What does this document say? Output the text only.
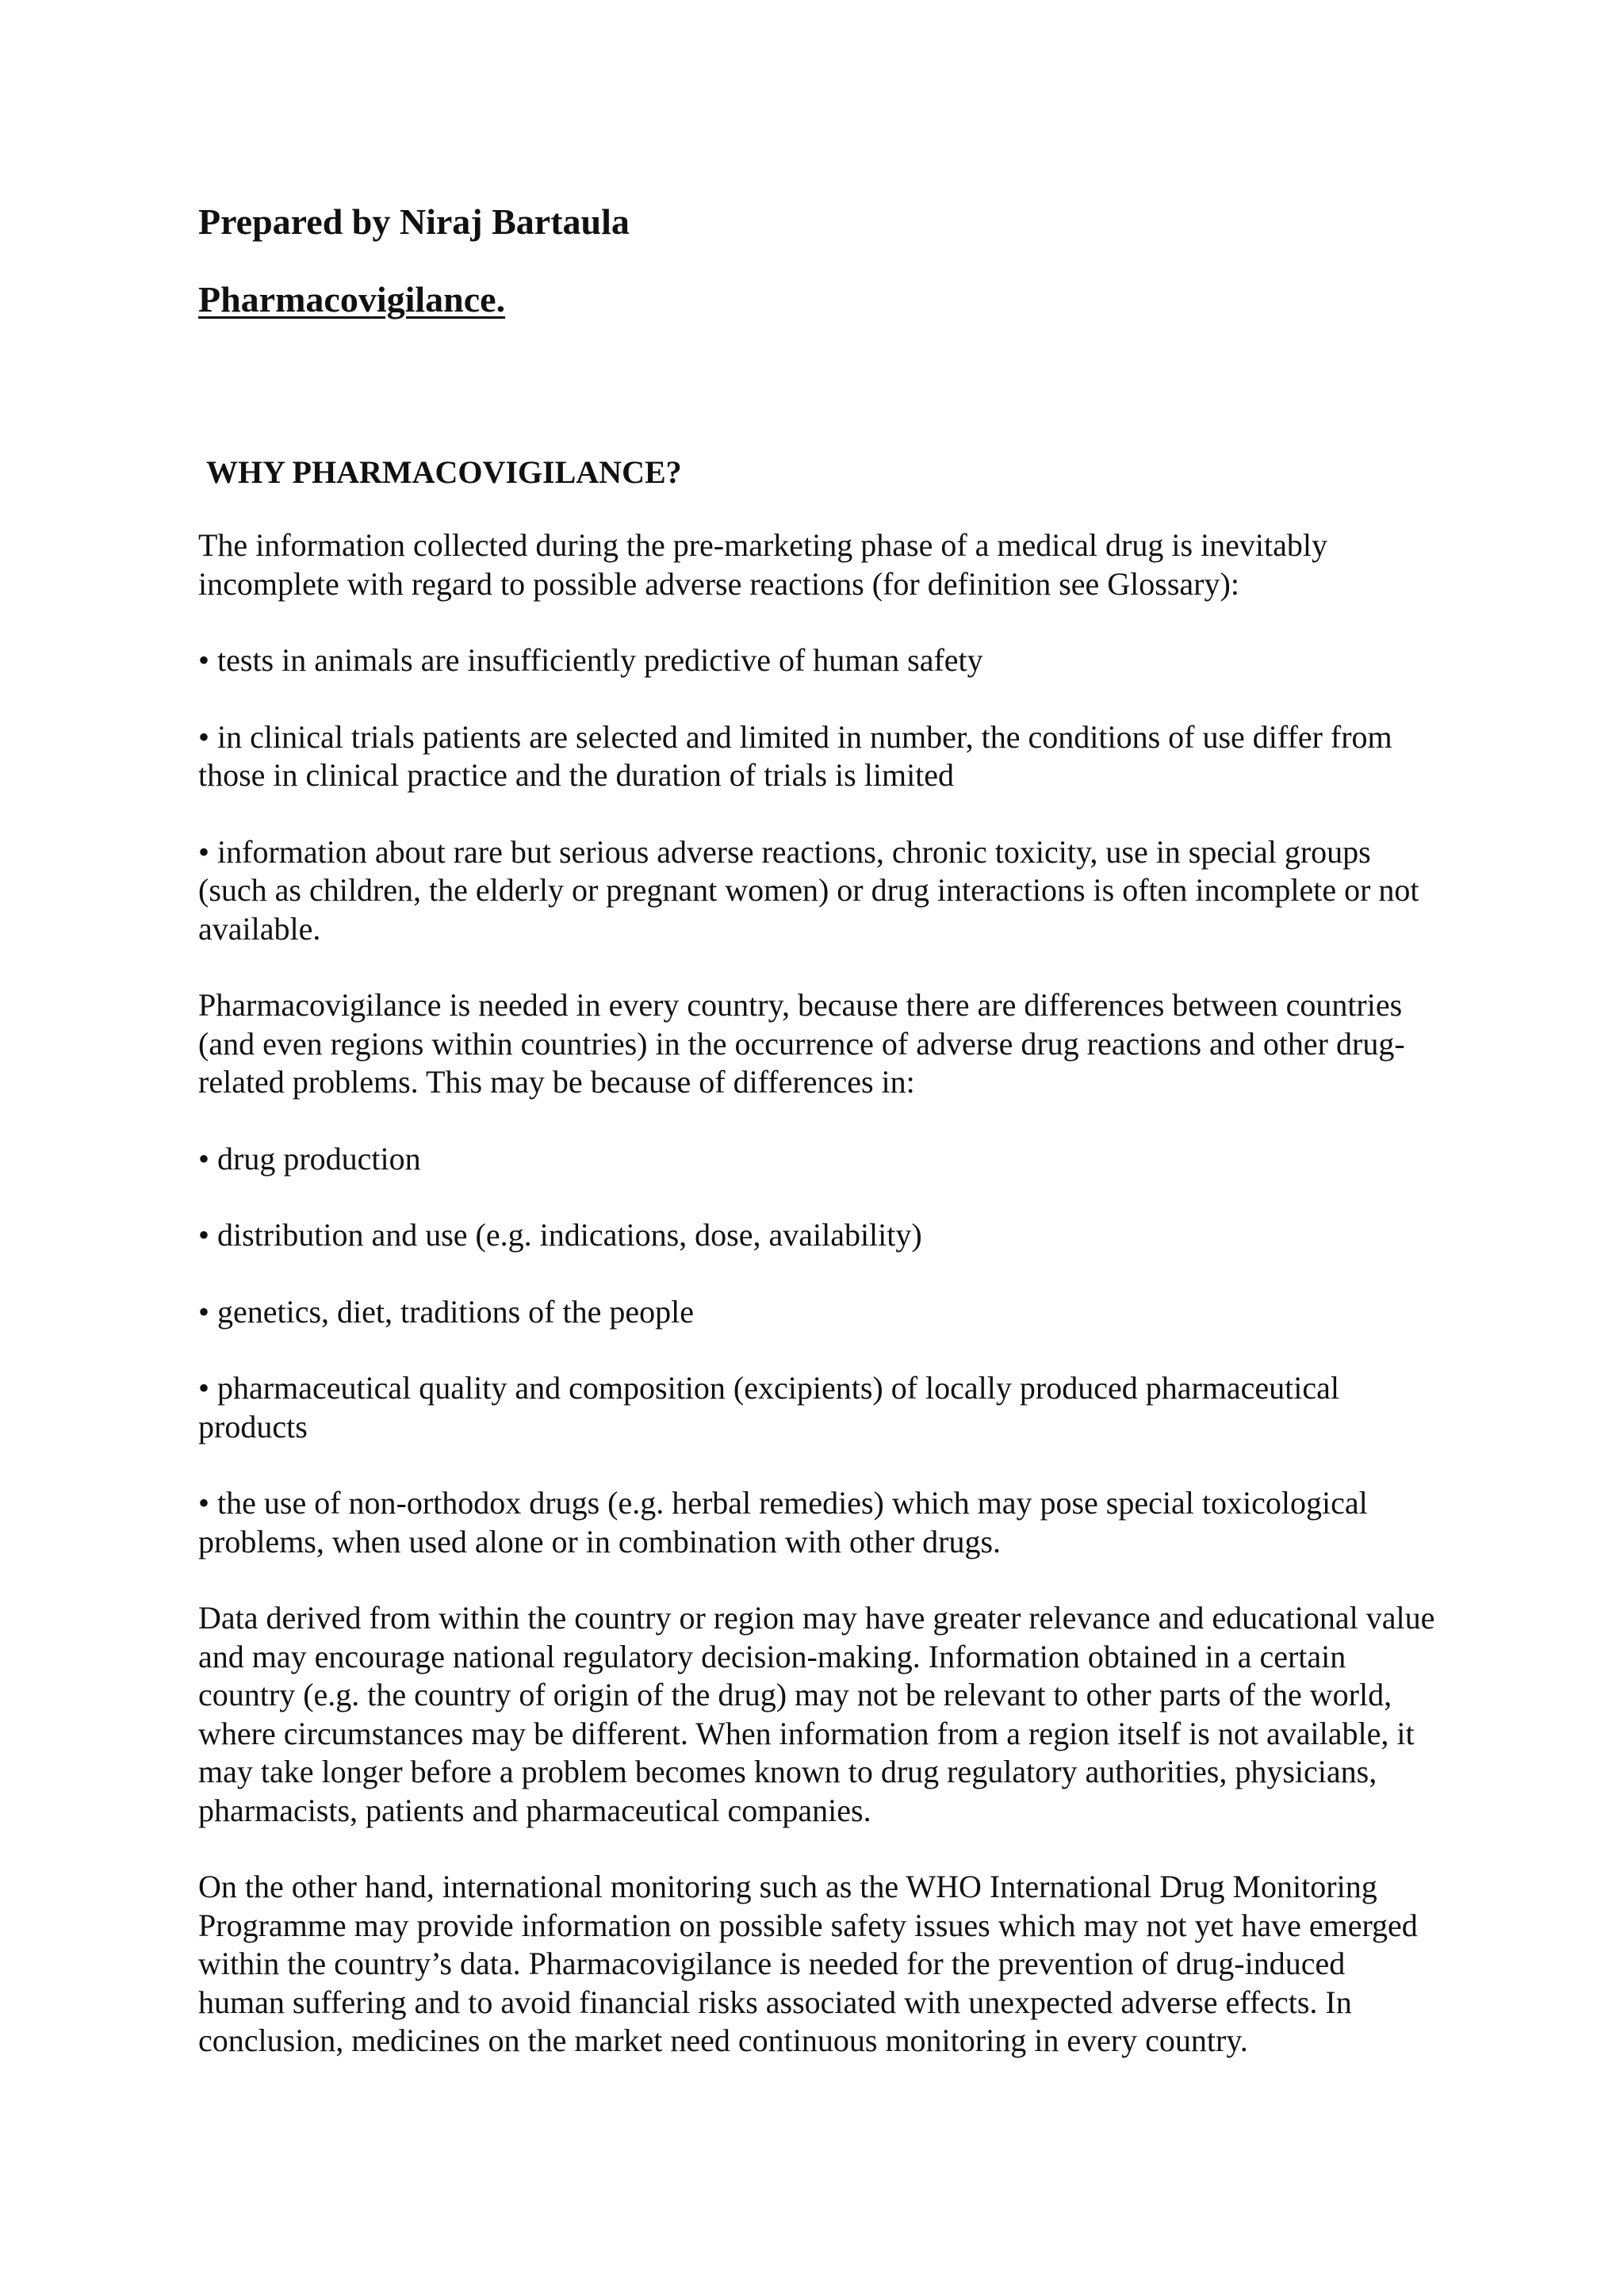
Prepared by Niraj Bartaula

Pharmacovigilance.

WHY PHARMACOVIGILANCE?

The information collected during the pre-marketing phase of a medical drug is inevitably incomplete with regard to possible adverse reactions (for definition see Glossary):

• tests in animals are insufficiently predictive of human safety

• in clinical trials patients are selected and limited in number, the conditions of use differ from those in clinical practice and the duration of trials is limited

• information about rare but serious adverse reactions, chronic toxicity, use in special groups (such as children, the elderly or pregnant women) or drug interactions is often incomplete or not available.

Pharmacovigilance is needed in every country, because there are differences between countries (and even regions within countries) in the occurrence of adverse drug reactions and other drug-related problems. This may be because of differences in:

• drug production

• distribution and use (e.g. indications, dose, availability)

• genetics, diet, traditions of the people

• pharmaceutical quality and composition (excipients) of locally produced pharmaceutical products

• the use of non-orthodox drugs (e.g. herbal remedies) which may pose special toxicological problems, when used alone or in combination with other drugs.

Data derived from within the country or region may have greater relevance and educational value and may encourage national regulatory decision-making. Information obtained in a certain country (e.g. the country of origin of the drug) may not be relevant to other parts of the world, where circumstances may be different. When information from a region itself is not available, it may take longer before a problem becomes known to drug regulatory authorities, physicians, pharmacists, patients and pharmaceutical companies.

On the other hand, international monitoring such as the WHO International Drug Monitoring Programme may provide information on possible safety issues which may not yet have emerged within the country’s data. Pharmacovigilance is needed for the prevention of drug-induced human suffering and to avoid financial risks associated with unexpected adverse effects. In conclusion, medicines on the market need continuous monitoring in every country.
